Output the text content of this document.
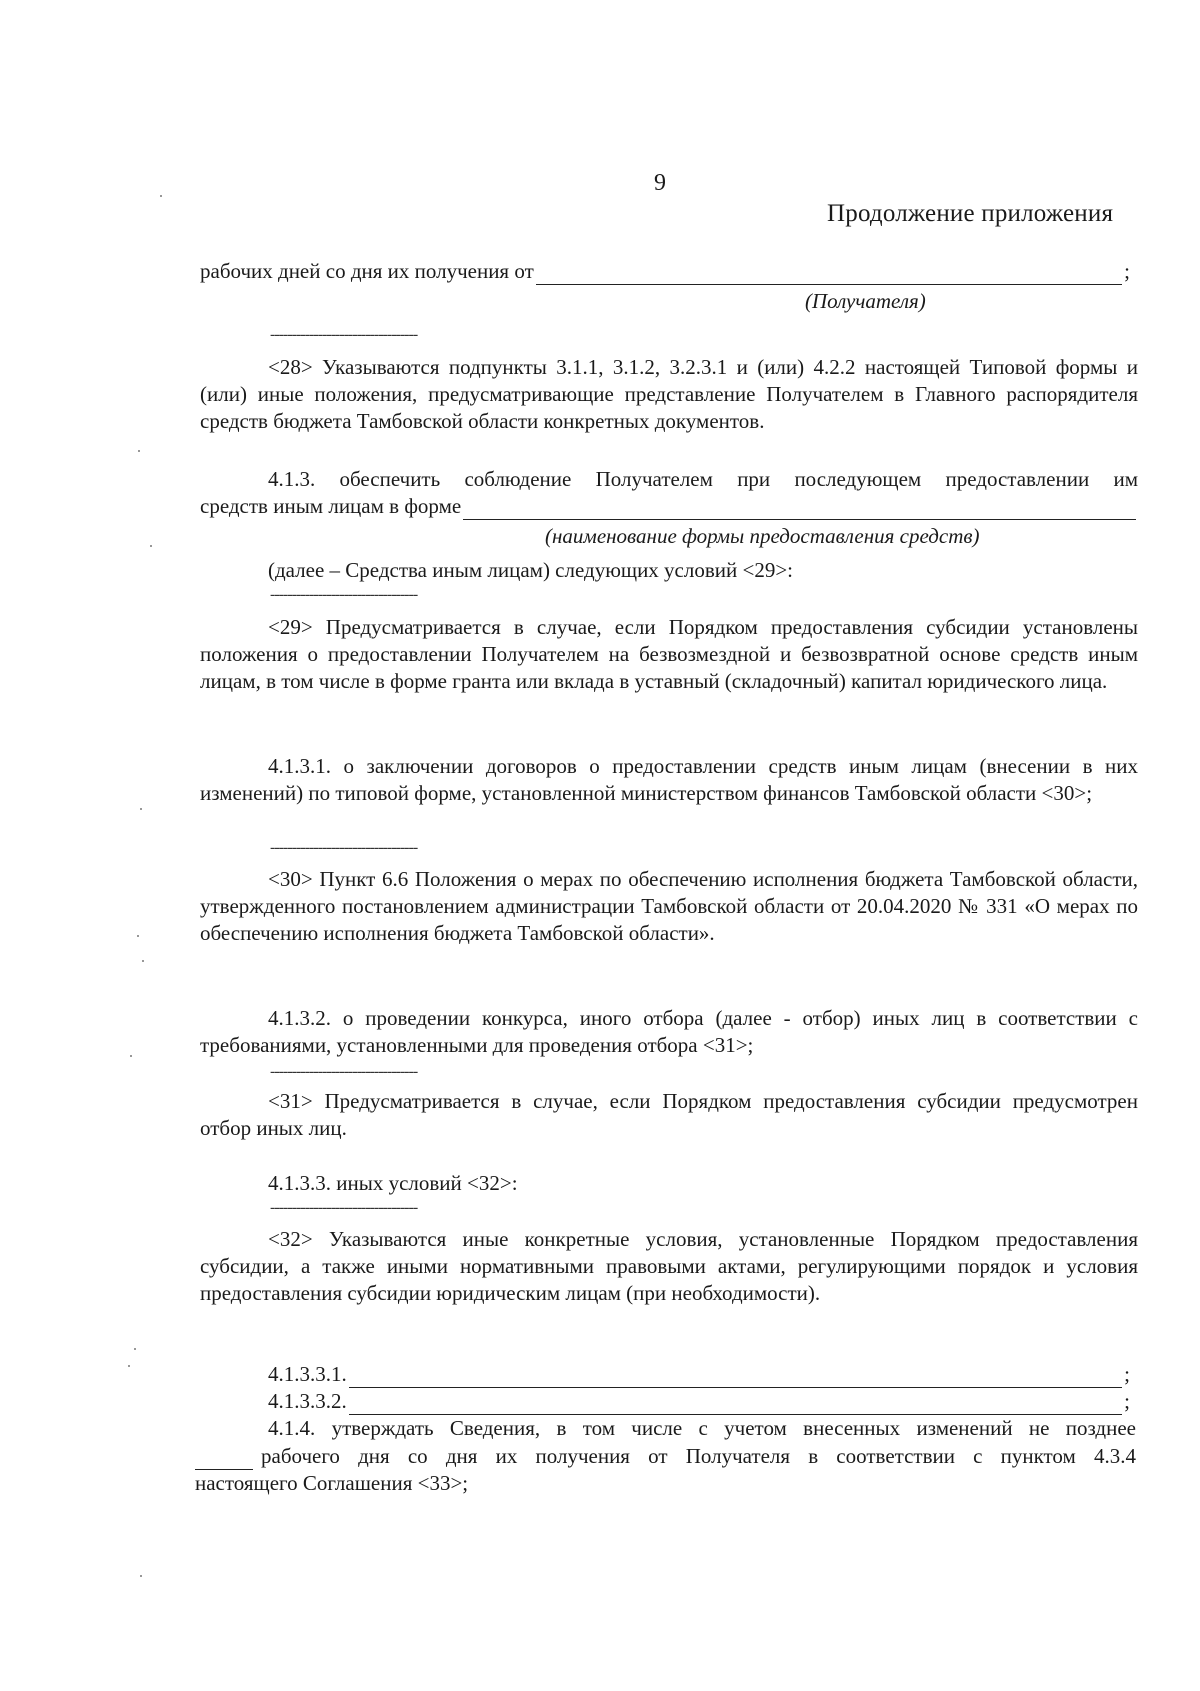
9
Продолжение приложения
рабочих дней со дня их получения от	;
(Получателя)
----------------------------------
<28> Указываются подпункты 3.1.1, 3.1.2, 3.2.3.1 и (или) 4.2.2 настоящей Типовой формы и (или) иные положения, предусматривающие представление Получателем в Главного распорядителя средств бюджета Тамбовской области конкретных документов.
4.1.3. обеспечить соблюдение Получателем при последующем предоставлении им
средств иным лицам в форме
(наименование формы предоставления средств)
(далее – Средства иным лицам) следующих условий <29>:
----------------------------------
<29> Предусматривается в случае, если Порядком предоставления субсидии установлены положения о предоставлении Получателем на безвозмездной и безвозвратной основе средств иным лицам, в том числе в форме гранта или вклада в уставный (складочный) капитал юридического лица.
4.1.3.1. о заключении договоров о предоставлении средств иным лицам (внесении в них изменений) по типовой форме, установленной министерством финансов Тамбовской области <30>;
----------------------------------
<30> Пункт 6.6 Положения о мерах по обеспечению исполнения бюджета Тамбовской области, утвержденного постановлением администрации Тамбовской области от 20.04.2020 № 331 «О мерах по обеспечению исполнения бюджета Тамбовской области».
4.1.3.2. о проведении конкурса, иного отбора (далее - отбор) иных лиц в соответствии с требованиями, установленными для проведения отбора <31>;
----------------------------------
<31> Предусматривается в случае, если Порядком предоставления субсидии предусмотрен отбор иных лиц.
4.1.3.3. иных условий <32>:
----------------------------------
<32> Указываются иные конкретные условия, установленные Порядком предоставления субсидии, а также иными нормативными правовыми актами, регулирующими порядок и условия предоставления субсидии юридическим лицам (при необходимости).
4.1.3.3.1.	;
4.1.3.3.2.	;
4.1.4. утверждать Сведения, в том числе с учетом внесенных изменений не позднее
рабочего дня со дня их получения от Получателя в соответствии с пунктом 4.3.4
настоящего Соглашения <33>;
